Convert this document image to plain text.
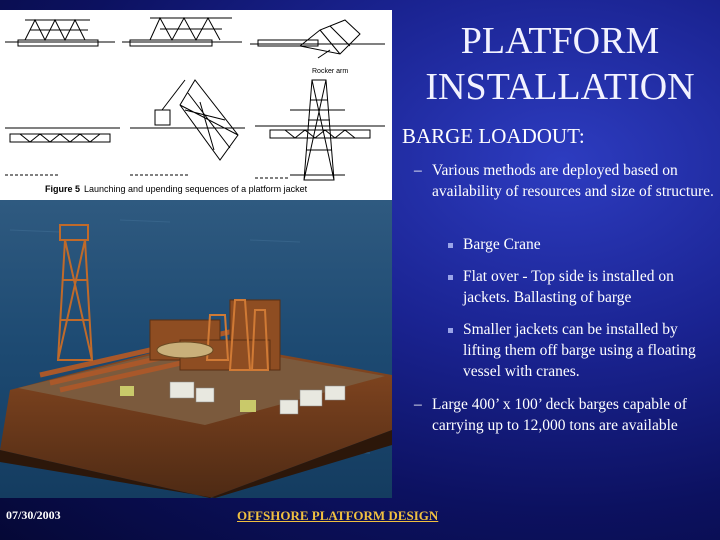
PLATFORM
INSTALLATION
Rocker arm
Figure 5 Launching and upending sequences of a platform jacket
BARGE LOADOUT:
– Various methods are deployed based on availability of resources and size of structure.
Barge Crane
Flat over - Top side is installed on jackets. Ballasting of barge
Smaller jackets can be installed by lifting them off barge using a floating vessel with cranes.
– Large 400’ x 100’ deck barges capable of carrying up to 12,000 tons are available
07/30/2003	OFFSHORE PLATFORM DESIGN
